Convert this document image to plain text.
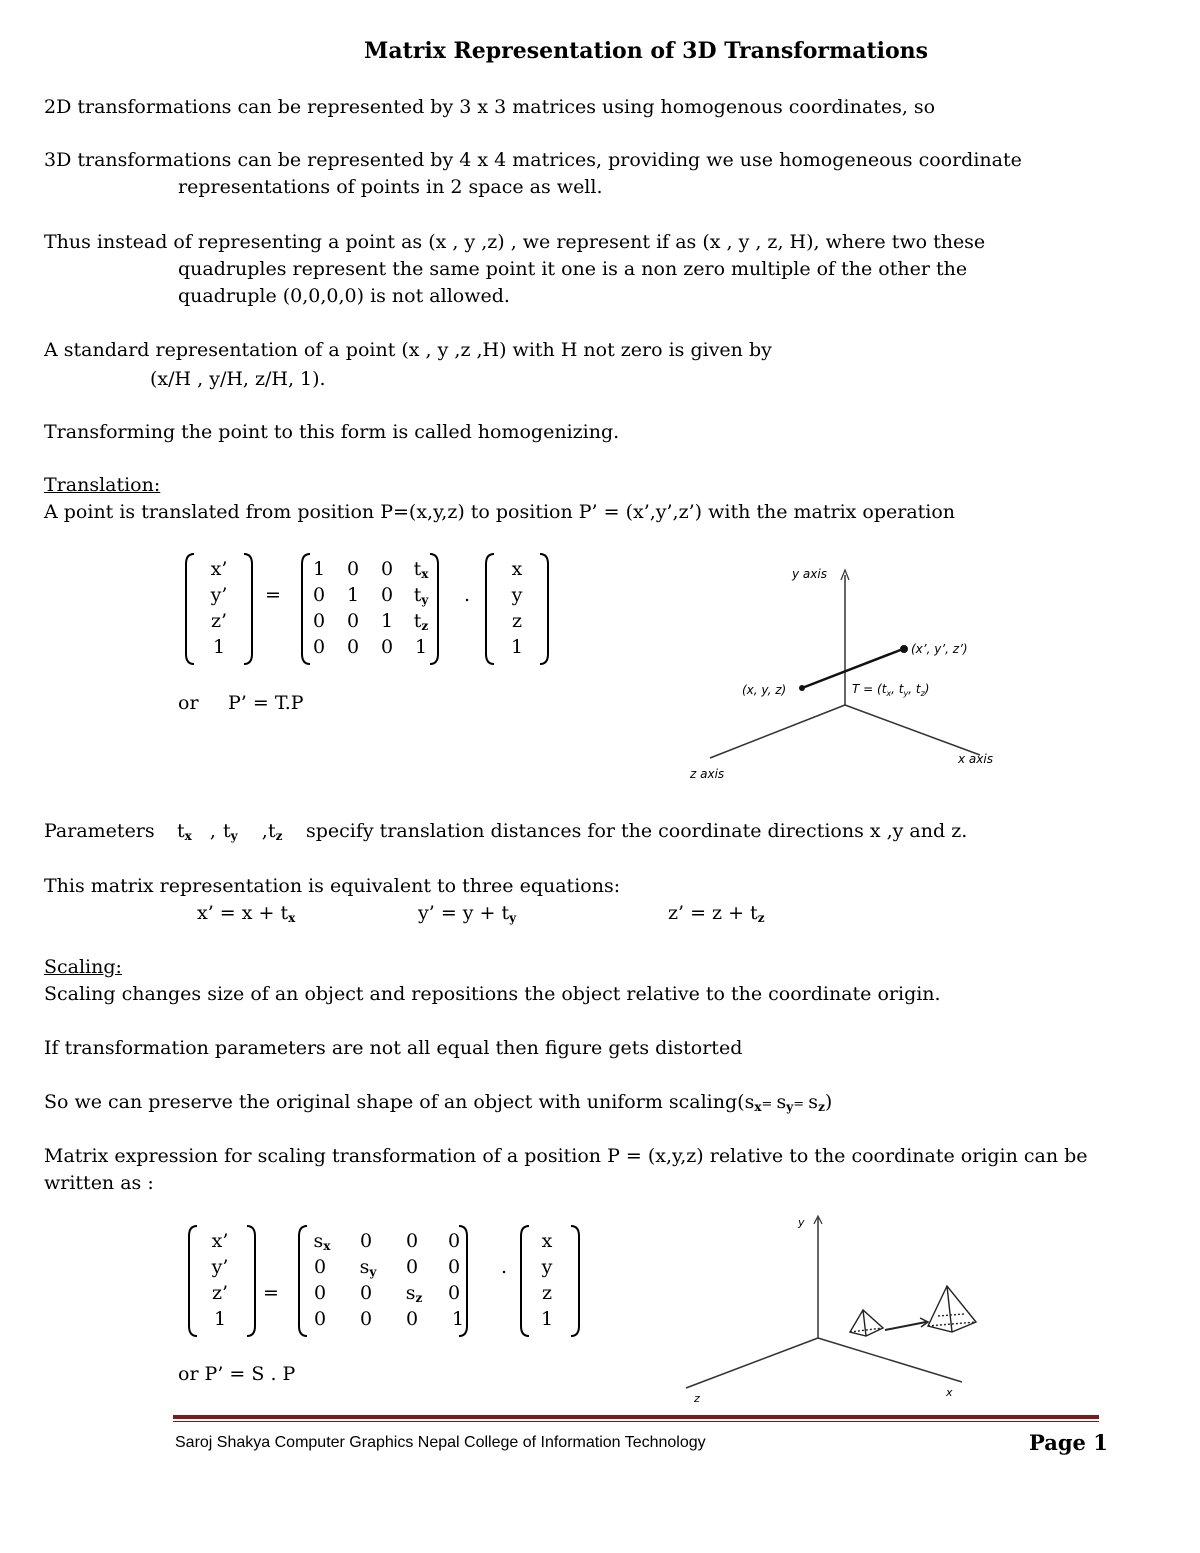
Matrix Representation of 3D Transformations
2D transformations can be represented by 3 x 3 matrices using homogenous coordinates, so
3D transformations can be represented by 4 x 4 matrices, providing we use homogeneous coordinate
representations of points in 2 space as well.
Thus instead of representing a point as (x , y ,z) , we represent if as (x , y , z, H), where two these
quadruples represent the same point it one is a non zero multiple of the other the
quadruple (0,0,0,0) is not allowed.
A standard representation of a point (x , y ,z ,H) with H not zero is given by
(x/H , y/H, z/H, 1).
Transforming the point to this form is called homogenizing.
Translation:
A point is translated from position P=(x,y,z) to position P’ = (x’,y’,z’) with the matrix operation
x’
y’
z’
1
=
1	0	0	$t_x$
0	1	0	$t_y$
0	0	1	$t_z$
0	0	0	1
.
x
y
z
1
or P’ = T.P
y axis
x axis
z axis
(x, y, z)
(x’, y’, z’)
$T = (t_x$, $t_y$, $t_z$)
Parameters $t_x$   , $t_y$    , $t_z$ specify translation distances for the coordinate directions x ,y and z.
This matrix representation is equivalent to three equations:
x’ = $x + t_x$	y’ = $y + t_y$	z’ = $z + t_z$
Scaling:
Scaling changes size of an object and repositions the object relative to the coordinate origin.
If transformation parameters are not all equal then figure gets distorted
So we can preserve the original shape of an object with uniform $scaling(s_x= s_y= s_z)$
Matrix expression for scaling transformation of a position P = (x,y,z) relative to the coordinate origin can be
written as :
x’
y’
z’
1
=
$s_x$	0	0	0
0	$s_y$	0	0
0	0	$s_z$	0
0	0	0	1
.
x
y
z
1
or P’ = S . P
y
x
z
Saroj Shakya Computer Graphics Nepal College of Information Technology	Page 1
